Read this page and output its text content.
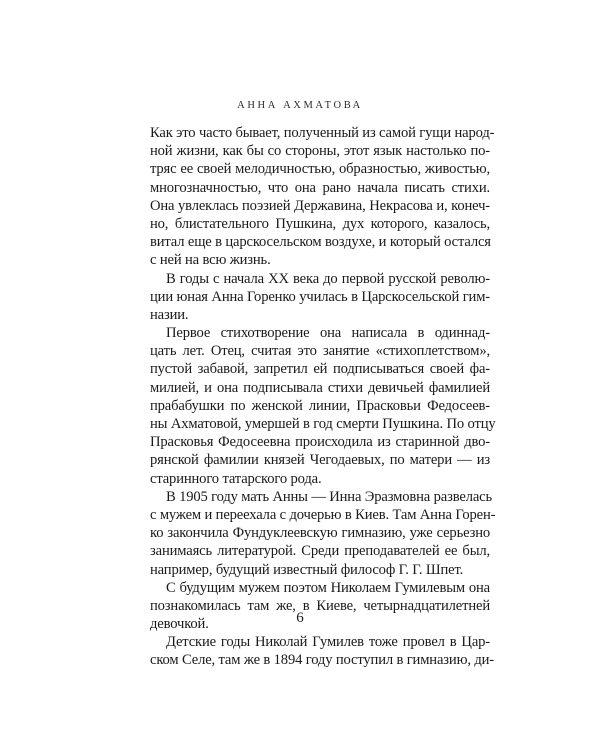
АННА АХМАТОВА
Как это часто бывает, полученный из самой гущи народ-
ной жизни, как бы со стороны, этот язык настолько по-
тряс ее своей мелодичностью, образностью, живостью,
многозначностью, что она рано начала писать стихи.
Она увлеклась поэзией Державина, Некрасова и, конеч-
но, блистательного Пушкина, дух которого, казалось,
витал еще в царскосельском воздухе, и который остался
с ней на всю жизнь.
В годы с начала XX века до первой русской револю-
ции юная Анна Горенко училась в Царскосельской гим-
назии.
Первое стихотворение она написала в одиннад-
цать лет. Отец, считая это занятие «стихоплетством»,
пустой забавой, запретил ей подписываться своей фа-
милией, и она подписывала стихи девичьей фамилией
прабабушки по женской линии, Прасковьи Федосеев-
ны Ахматовой, умершей в год смерти Пушкина. По отцу
Прасковья Федосеевна происходила из старинной дво-
рянской фамилии князей Чегодаевых, по матери — из
старинного татарского рода.
В 1905 году мать Анны — Инна Эразмовна развелась
с мужем и переехала с дочерью в Киев. Там Анна Горен-
ко закончила Фундуклеевскую гимназию, уже серьезно
занимаясь литературой. Среди преподавателей ее был,
например, будущий известный философ Г. Г. Шпет.
С будущим мужем поэтом Николаем Гумилевым она
познакомилась там же, в Киеве, четырнадцатилетней
девочкой.
Детские годы Николай Гумилев тоже провел в Цар-
ском Селе, там же в 1894 году поступил в гимназию, ди-
6
